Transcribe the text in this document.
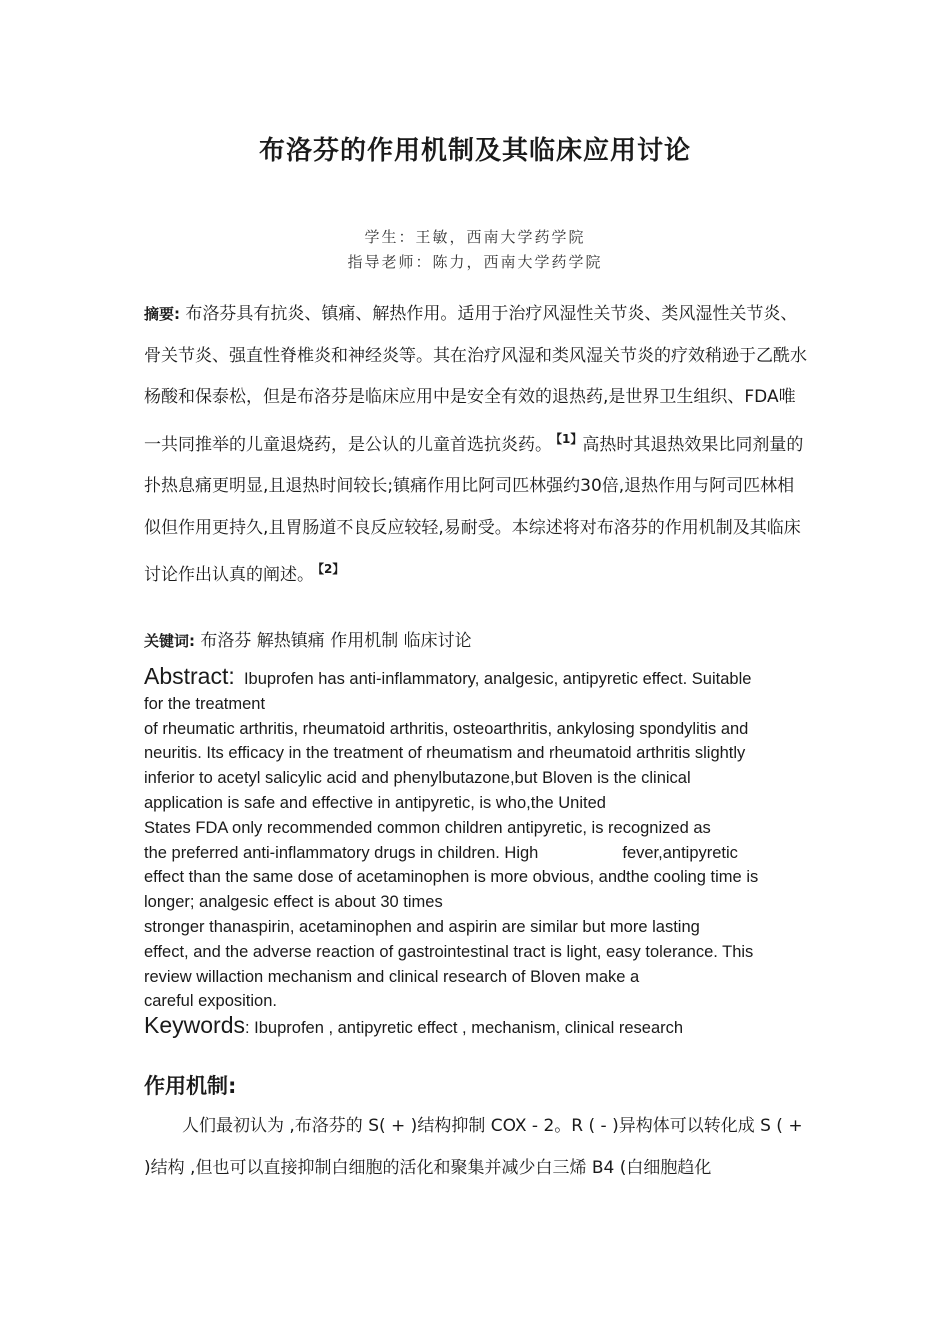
布洛芬的作用机制及其临床应用讨论
学生：王敏，西南大学药学院
指导老师：陈力，西南大学药学院
摘要: 布洛芬具有抗炎、镇痛、解热作用。适用于治疗风湿性关节炎、类风湿性关节炎、骨关节炎、强直性脊椎炎和神经炎等。其在治疗风湿和类风湿关节炎的疗效稍逊于乙酰水杨酸和保泰松，但是布洛芬是临床应用中是安全有效的退热药,是世界卫生组织、FDA唯一共同推举的儿童退烧药，是公认的儿童首选抗炎药。 $^{【1】}$高热时其退热效果比同剂量的扑热息痛更明显,且退热时间较长;镇痛作用比阿司匹林强约30倍,退热作用与阿司匹林相似但作用更持久,且胃肠道不良反应较轻,易耐受。本综述将对布洛芬的作用机制及其临床讨论作出认真的阐述。 $^{【2】}$
关键词: 布洛芬 解热镇痛 作用机制 临床讨论
Abstract: Ibuprofen has anti-inflammatory, analgesic, antipyretic effect. Suitable
for the treatment
of rheumatic arthritis, rheumatoid arthritis, osteoarthritis, ankylosing spondylitis and
neuritis. Its efficacy in the treatment of rheumatism and rheumatoid arthritis slightly
inferior to acetyl salicylic acid and phenylbutazone,but Bloven is the clinical
application is safe and effective in antipyretic, is who,the United
States FDA only recommended common children antipyretic, is recognized as
the preferred anti-inflammatory drugs in children. High	fever,antipyretic
effect than the same dose of acetaminophen is more obvious, andthe cooling time is
longer; analgesic effect is about 30 times
stronger thanaspirin, acetaminophen and aspirin are similar but more lasting
effect, and the adverse reaction of gastrointestinal tract is light, easy tolerance. This
review willaction mechanism and clinical research of Bloven make a
careful exposition.
Keywords: Ibuprofen , antipyretic effect , mechanism, clinical research
作用机制:
人们最初认为 ,布洛芬的 S( + )结构抑制 COX - 2。R ( - )异构体可以转化成 S ( + )结构 ,但也可以直接抑制白细胞的活化和聚集并减少白三烯 B4 (白细胞趋化
